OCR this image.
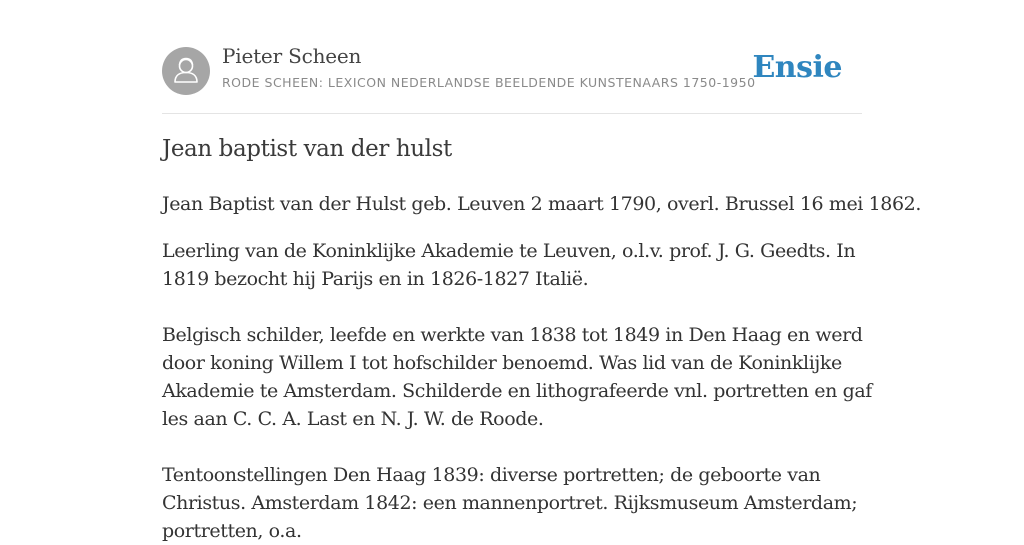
Pieter Scheen
RODE SCHEEN: LEXICON NEDERLANDSE BEELDENDE KUNSTENAARS 1750-1950
Ensie
Jean baptist van der hulst

Jean Baptist van der Hulst geb. Leuven 2 maart 1790, overl. Brussel 16 mei 1862.

Leerling van de Koninklijke Akademie te Leuven, o.l.v. prof. J. G. Geedts. In 1819 bezocht hij Parijs en in 1826-1827 Italië.

Belgisch schilder, leefde en werkte van 1838 tot 1849 in Den Haag en werd door koning Willem I tot hofschilder benoemd. Was lid van de Koninklijke Akademie te Amsterdam. Schilderde en lithografeerde vnl. portretten en gaf les aan C. C. A. Last en N. J. W. de Roode.

Tentoonstellingen Den Haag 1839: diverse portretten; de geboorte van Christus. Amsterdam 1842: een mannenportret. Rijksmuseum Amsterdam; portretten, o.a.
